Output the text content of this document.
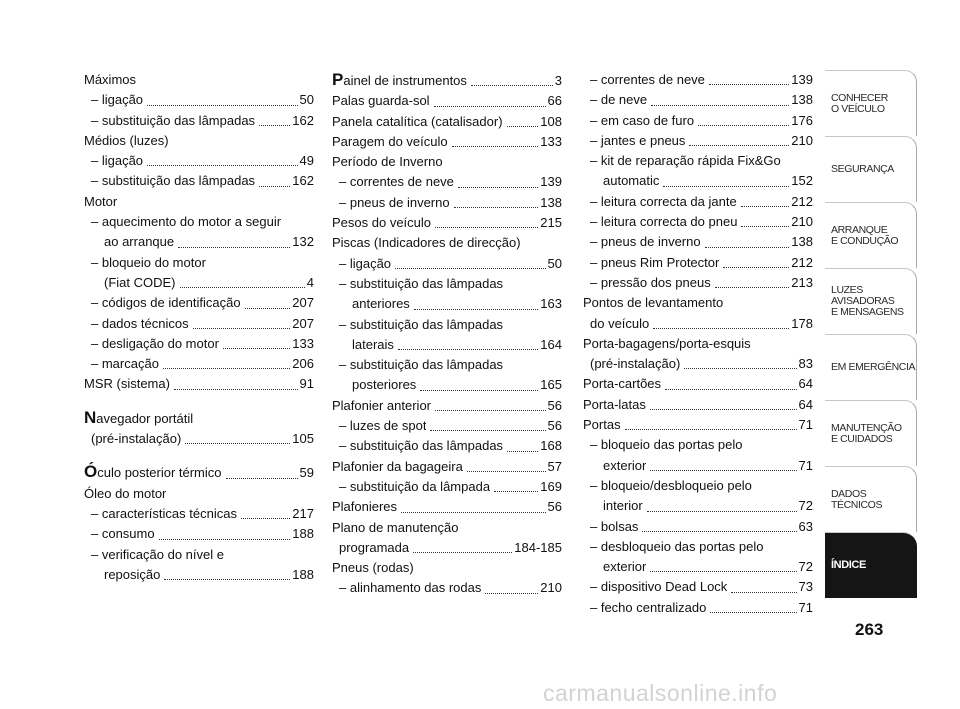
Máximos
– ligação	50
– substituição das lâmpadas	162
Médios (luzes)
– ligação	49
– substituição das lâmpadas	162
Motor
– aquecimento do motor a seguir
ao arranque	132
– bloqueio do motor
(Fiat CODE)	4
– códigos de identificação	207
– dados técnicos	207
– desligação do motor	133
– marcação	206
MSR (sistema)	91
Navegador portátil
(pré-instalação)	105
Óculo posterior térmico	59
Óleo do motor
– características técnicas	217
– consumo	188
– verificação do nível e
reposição	188
Painel de instrumentos	3
Palas guarda-sol	66
Panela catalítica (catalisador)	108
Paragem do veículo	133
Período de Inverno
– correntes de neve	139
– pneus de inverno	138
Pesos do veículo	215
Piscas (Indicadores de direcção)
– ligação	50
– substituição das lâmpadas
anteriores	163
– substituição das lâmpadas
laterais	164
– substituição das lâmpadas
posteriores	165
Plafonier anterior	56
– luzes de spot	56
– substituição das lâmpadas	168
Plafonier da bagageira	57
– substituição da lâmpada	169
Plafonieres	56
Plano de manutenção
programada	184-185
Pneus (rodas)
– alinhamento das rodas	210
– correntes de neve	139
– de neve	138
– em caso de furo	176
– jantes e pneus	210
– kit de reparação rápida Fix&Go
automatic	152
– leitura correcta da jante	212
– leitura correcta do pneu	210
– pneus de inverno	138
– pneus Rim Protector	212
– pressão dos pneus	213
Pontos de levantamento
do veículo	178
Porta-bagagens/porta-esquis
(pré-instalação)	83
Porta-cartões	64
Porta-latas	64
Portas	71
– bloqueio das portas pelo
exterior	71
– bloqueio/desbloqueio pelo
interior	72
– bolsas	63
– desbloqueio das portas pelo
exterior	72
– dispositivo Dead Lock	73
– fecho centralizado	71
CONHECER
O VEÍCULO
SEGURANÇA
ARRANQUE
E CONDUÇÃO
LUZES
AVISADORAS
E MENSAGENS
EM EMERGÊNCIA
MANUTENÇÃO
E CUIDADOS
DADOS
TÉCNICOS
ÍNDICE
263
carmanualsonline.info
